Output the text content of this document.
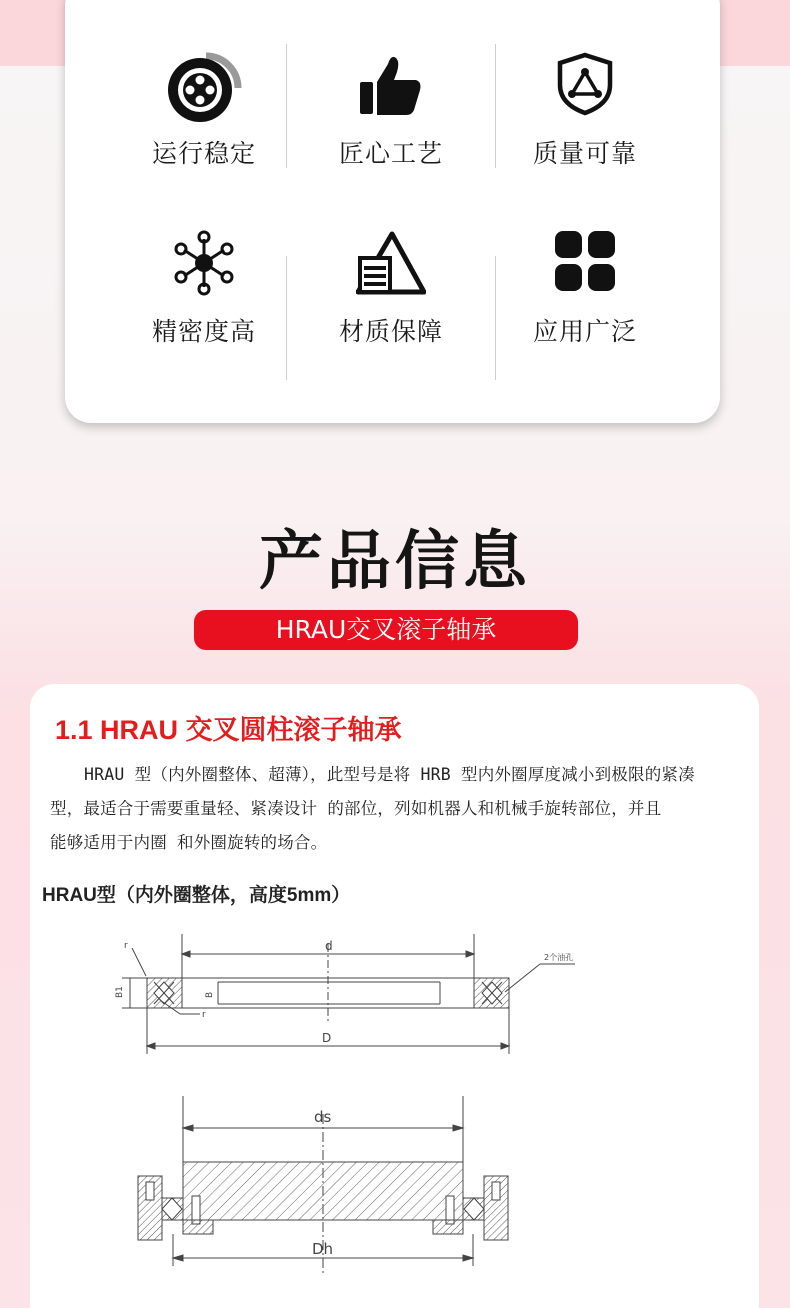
运行稳定	匠心工艺	质量可靠
精密度高	材质保障	应用广泛
产品信息
HRAU交叉滚子轴承
1.1 HRAU 交叉圆柱滚子轴承
HRAU 型（内外圈整体、超薄），此型号是将 HRB 型内外圈厚度减小到极限的紧凑
型，最适合于需要重量轻、紧凑设计 的部位，列如机器人和机械手旋转部位，并且
能够适用于内圈 和外圈旋转的场合。
HRAU型（内外圈整体，高度5mm）
d
D
r
B1	B
r
2个油孔
ds
Dh
